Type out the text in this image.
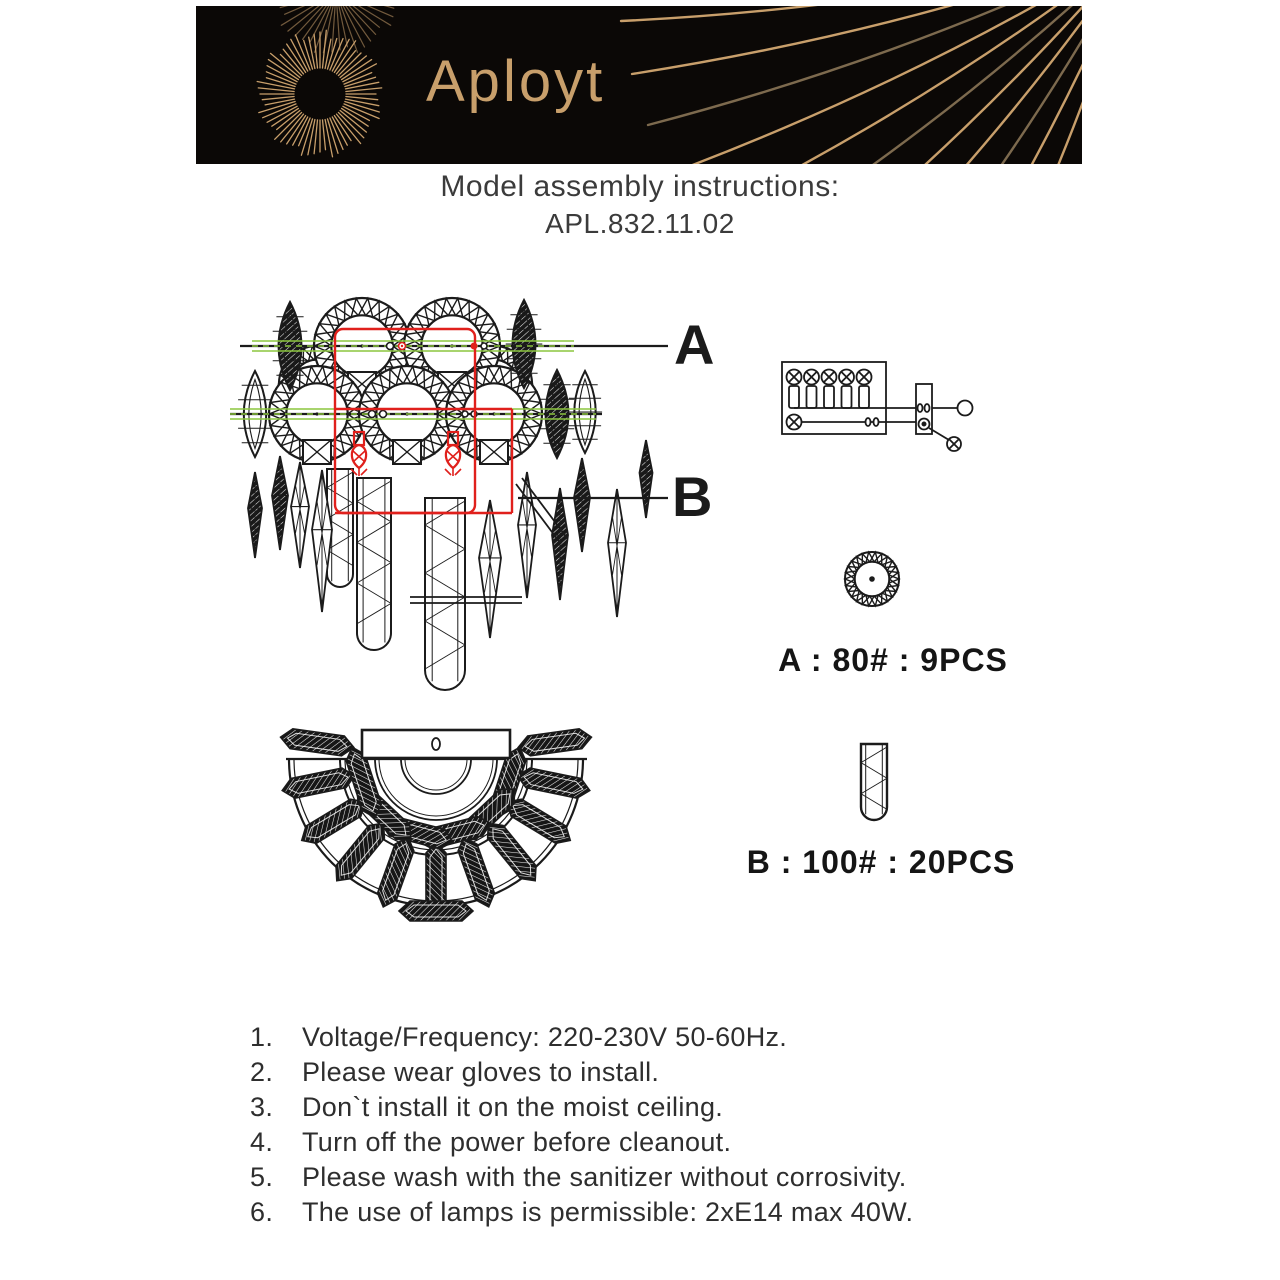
Aployt
Model assembly instructions:
APL.832.11.02
A
B
A : 80# : 9PCS
B : 100# : 20PCS
1.	Voltage/Frequency: 220-230V 50-60Hz.
2.	Please wear gloves to install.
3.	Don`t install it on the moist ceiling.
4.	Turn off the power before cleanout.
5.	Please wash with the sanitizer without corrosivity.
6.	The use of lamps is permissible: 2xE14 max 40W.
